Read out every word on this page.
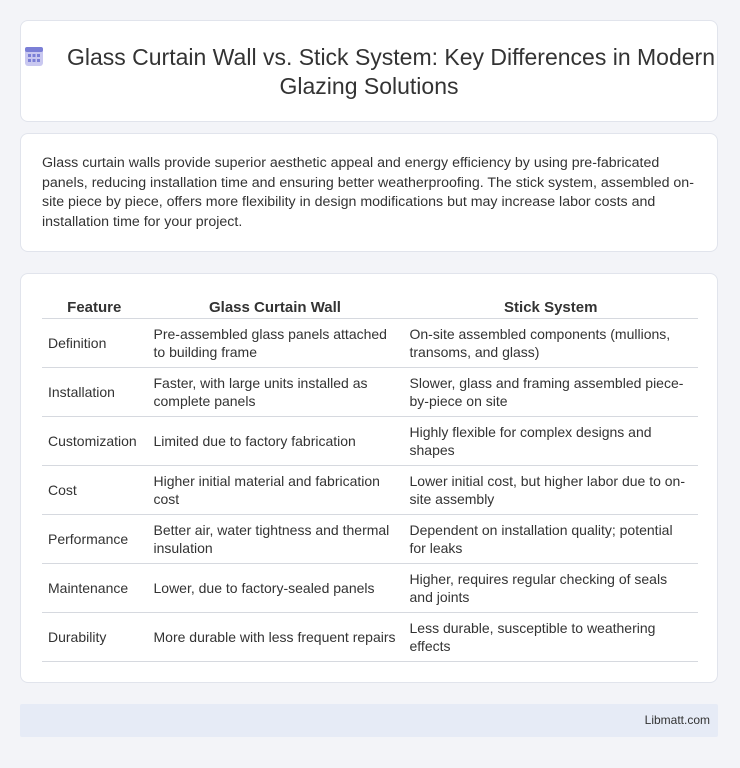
Glass Curtain Wall vs. Stick System: Key Differences in Modern Glazing Solutions
Glass curtain walls provide superior aesthetic appeal and energy efficiency by using pre-fabricated panels, reducing installation time and ensuring better weatherproofing. The stick system, assembled on-site piece by piece, offers more flexibility in design modifications but may increase labor costs and installation time for your project.
Feature	Glass Curtain Wall	Stick System
Definition	Pre-assembled glass panels attached to building frame	On-site assembled components (mullions, transoms, and glass)
Installation	Faster, with large units installed as complete panels	Slower, glass and framing assembled piece-by-piece on site
Customization	Limited due to factory fabrication	Highly flexible for complex designs and shapes
Cost	Higher initial material and fabrication cost	Lower initial cost, but higher labor due to on-site assembly
Performance	Better air, water tightness and thermal insulation	Dependent on installation quality; potential for leaks
Maintenance	Lower, due to factory-sealed panels	Higher, requires regular checking of seals and joints
Durability	More durable with less frequent repairs	Less durable, susceptible to weathering effects
Libmatt.com
